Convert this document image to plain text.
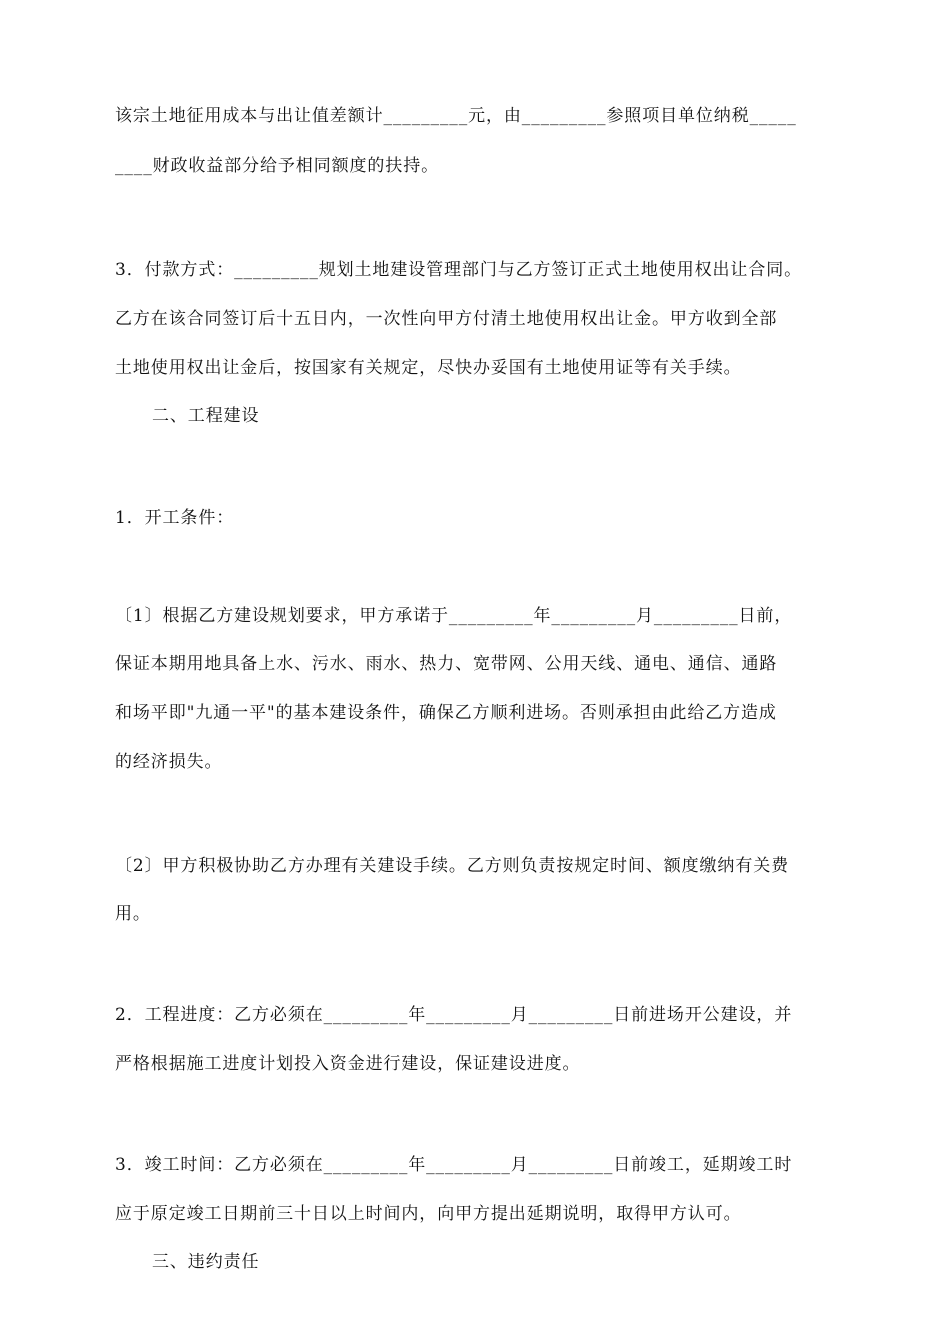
该宗土地征用成本与出让值差额计_________元，由_________参照项目单位纳税_____
____财政收益部分给予相同额度的扶持。
3．付款方式：_________规划土地建设管理部门与乙方签订正式土地使用权出让合同。
乙方在该合同签订后十五日内，一次性向甲方付清土地使用权出让金。甲方收到全部
土地使用权出让金后，按国家有关规定，尽快办妥国有土地使用证等有关手续。
二、工程建设
1．开工条件：
〔1〕根据乙方建设规划要求，甲方承诺于_________年_________月_________日前，
保证本期用地具备上水、污水、雨水、热力、宽带网、公用天线、通电、通信、通路
和场平即"九通一平"的基本建设条件，确保乙方顺利进场。否则承担由此给乙方造成
的经济损失。
〔2〕甲方积极协助乙方办理有关建设手续。乙方则负责按规定时间、额度缴纳有关费
用。
2．工程进度：乙方必须在_________年_________月_________日前进场开公建设，并
严格根据施工进度计划投入资金进行建设，保证建设进度。
3．竣工时间：乙方必须在_________年_________月_________日前竣工，延期竣工时
应于原定竣工日期前三十日以上时间内，向甲方提出延期说明，取得甲方认可。
三、违约责任
